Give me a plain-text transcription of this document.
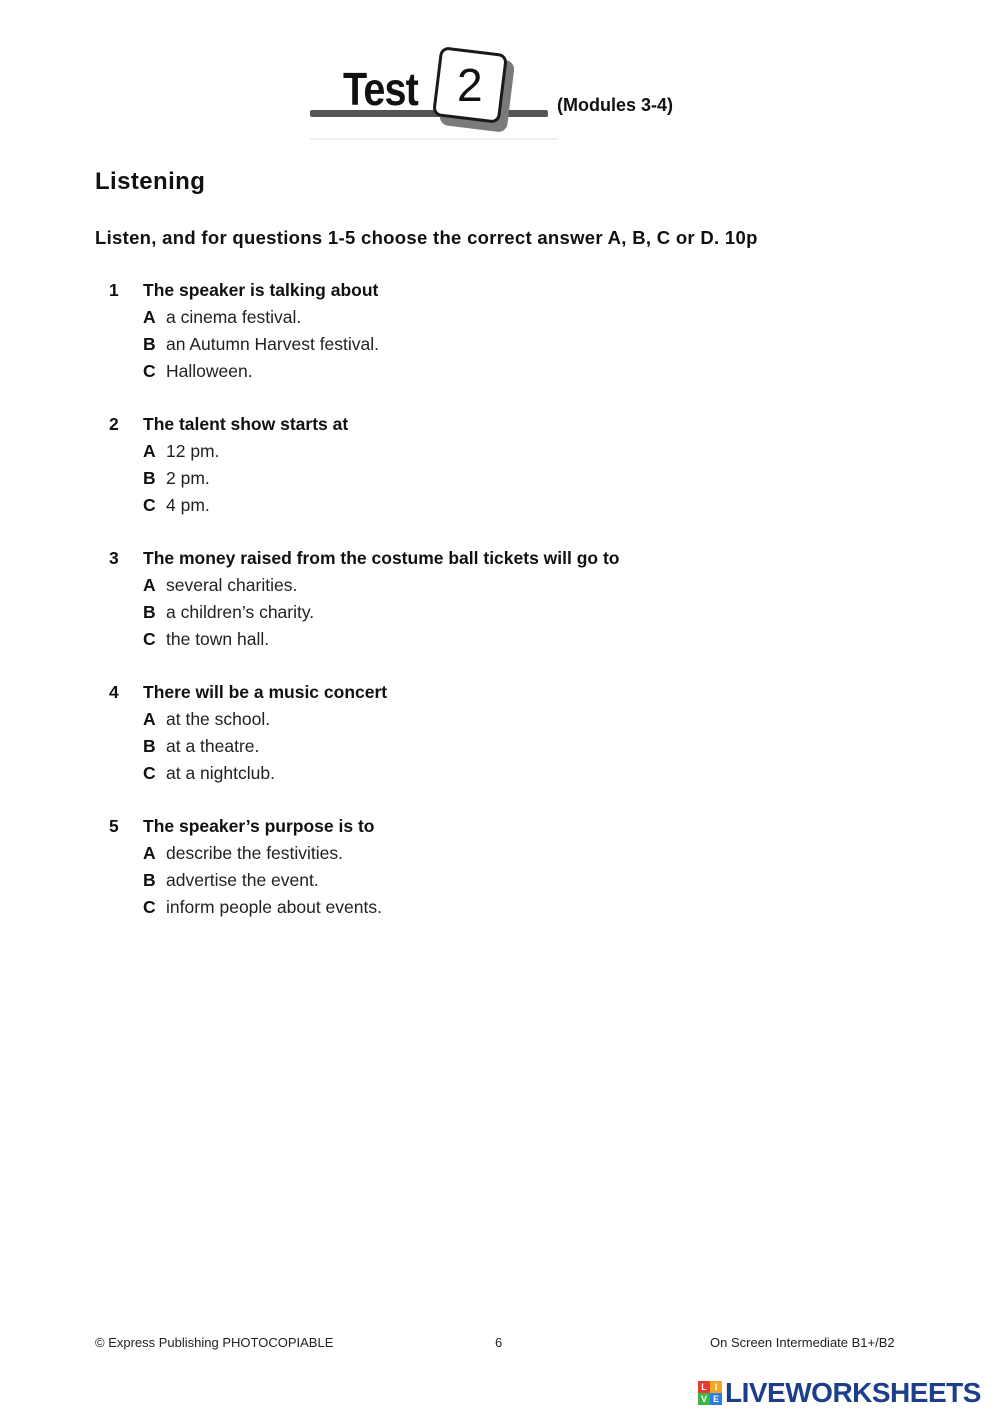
Test 2	(Modules 3-4)
Listening
Listen, and for questions 1-5 choose the correct answer A, B, C or D. 10p
1 The speaker is talking about
A a cinema festival.
B an Autumn Harvest festival.
C Halloween.
2 The talent show starts at
A 12 pm.
B 2 pm.
C 4 pm.
3 The money raised from the costume ball tickets will go to
A several charities.
B a children’s charity.
C the town hall.
4 There will be a music concert
A at the school.
B at a theatre.
C at a nightclub.
5 The speaker’s purpose is to
A describe the festivities.
B advertise the event.
C inform people about events.
© Express Publishing PHOTOCOPIABLE	6	On Screen Intermediate B1+/B2
L I
V E LIVEWORKSHEETS
